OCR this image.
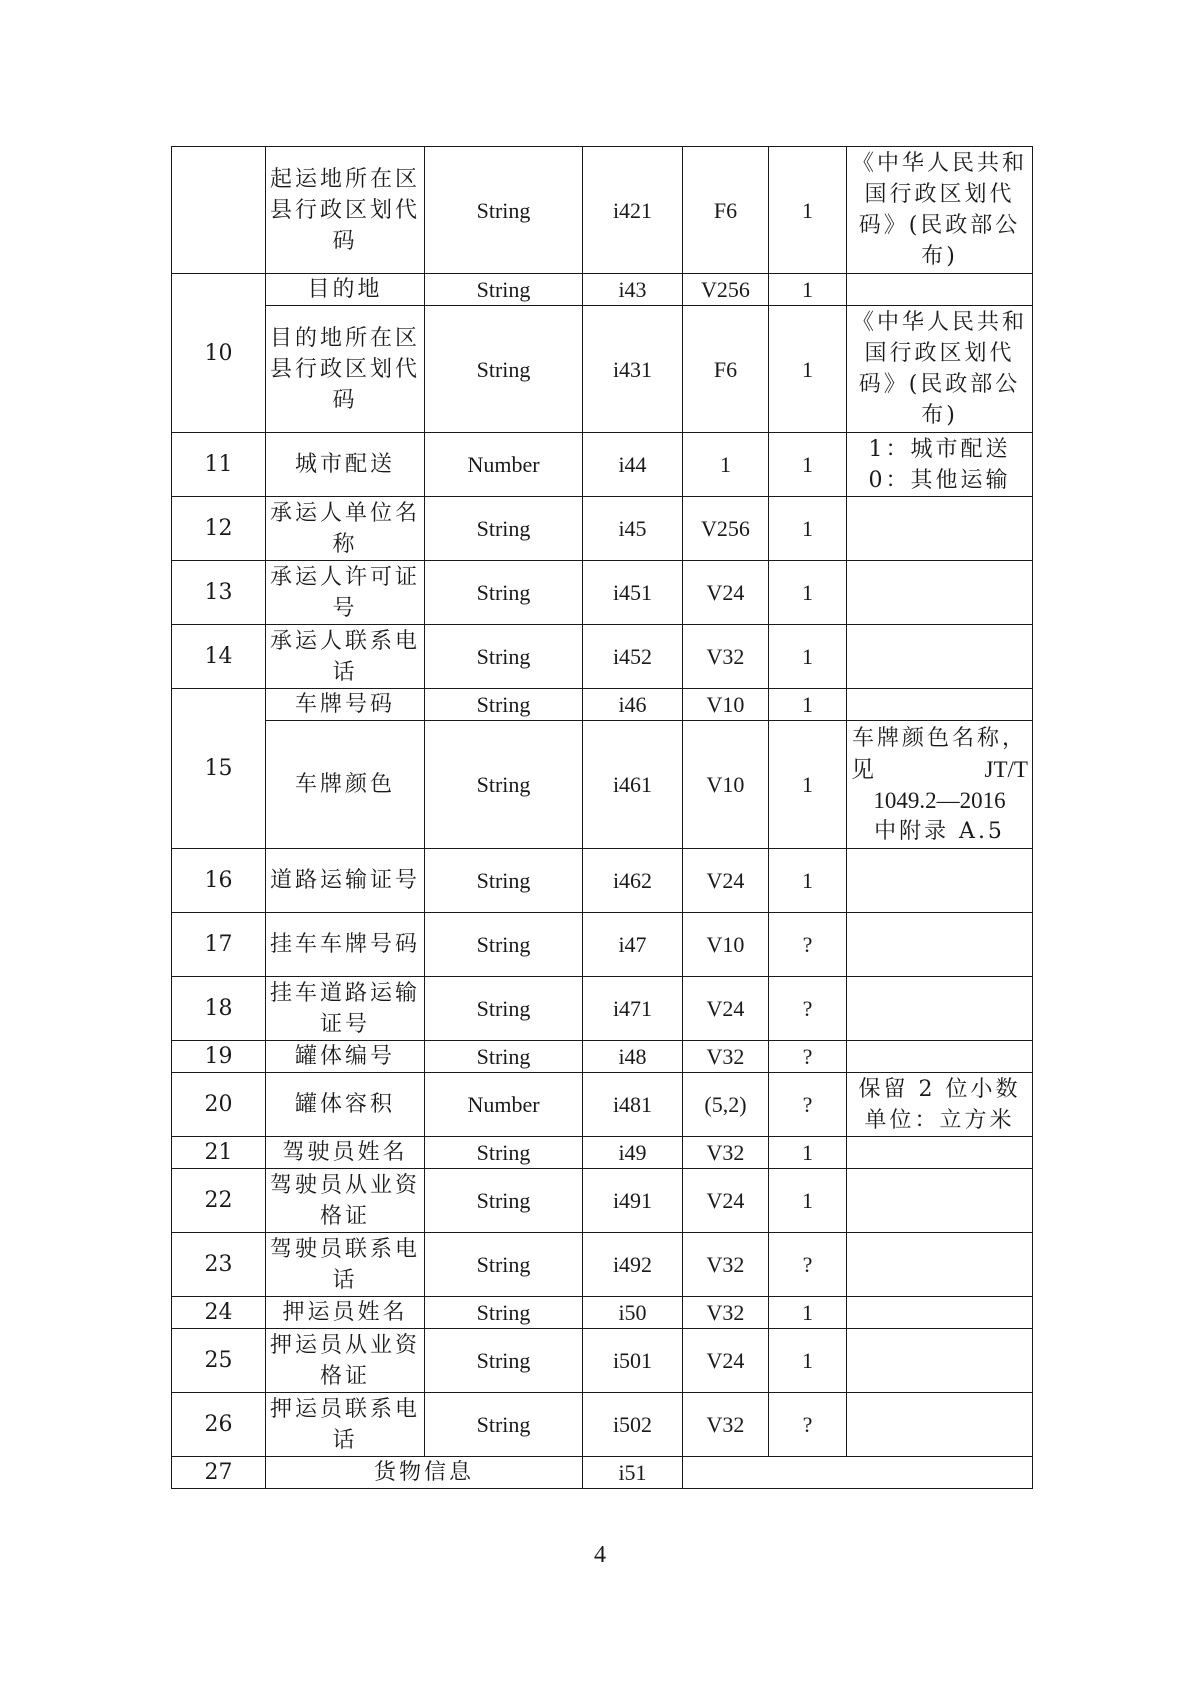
	起运地所在区县行政区划代码	String	i421	F6	1	《中华人民共和国行政区划代码》(民政部公布)
10	目的地	String	i43	V256	1	
	目的地所在区县行政区划代码	String	i431	F6	1	《中华人民共和国行政区划代码》(民政部公布)
11	城市配送	Number	i44	1	1	1：城市配送
0：其他运输

12	承运人单位名称	String	i45	V256	1	
13	承运人许可证号	String	i451	V24	1	
14	承运人联系电话	String	i452	V32	1	
15	车牌号码	String	i46	V10	1	
	车牌颜色	String	i461	V10	1	车牌颜色名称，
见 JT/T
1049.2—2016
中附录 A.5

16	道路运输证号	String	i462	V24	1	
17	挂车车牌号码	String	i47	V10	?	
18	挂车道路运输证号	String	i471	V24	?	
19	罐体编号	String	i48	V32	?	
20	罐体容积	Number	i481	(5,2)	?	保留 2 位小数
单位：立方米

21	驾驶员姓名	String	i49	V32	1	
22	驾驶员从业资格证	String	i491	V24	1	
23	驾驶员联系电话	String	i492	V32	?	
24	押运员姓名	String	i50	V32	1	
25	押运员从业资格证	String	i501	V24	1	
26	押运员联系电话	String	i502	V32	?	
27	货物信息		i51			
4
